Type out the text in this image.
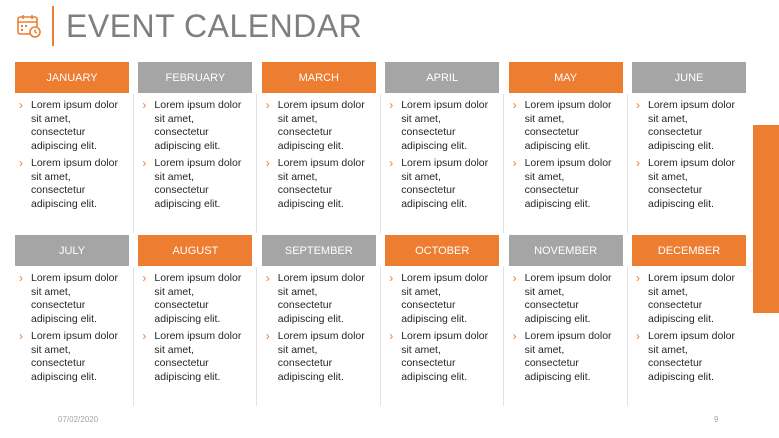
EVENT CALENDAR
JANUARY
› Lorem ipsum dolor sit amet, consectetur adipiscing elit.
› Lorem ipsum dolor sit amet, consectetur adipiscing elit.
FEBRUARY
› Lorem ipsum dolor sit amet, consectetur adipiscing elit.
› Lorem ipsum dolor sit amet, consectetur adipiscing elit.
MARCH
› Lorem ipsum dolor sit amet, consectetur adipiscing elit.
› Lorem ipsum dolor sit amet, consectetur adipiscing elit.
APRIL
› Lorem ipsum dolor sit amet, consectetur adipiscing elit.
› Lorem ipsum dolor sit amet, consectetur adipiscing elit.
MAY
› Lorem ipsum dolor sit amet, consectetur adipiscing elit.
› Lorem ipsum dolor sit amet, consectetur adipiscing elit.
JUNE
› Lorem ipsum dolor sit amet, consectetur adipiscing elit.
› Lorem ipsum dolor sit amet, consectetur adipiscing elit.
JULY
› Lorem ipsum dolor sit amet, consectetur adipiscing elit.
› Lorem ipsum dolor sit amet, consectetur adipiscing elit.
AUGUST
› Lorem ipsum dolor sit amet, consectetur adipiscing elit.
› Lorem ipsum dolor sit amet, consectetur adipiscing elit.
SEPTEMBER
› Lorem ipsum dolor sit amet, consectetur adipiscing elit.
› Lorem ipsum dolor sit amet, consectetur adipiscing elit.
OCTOBER
› Lorem ipsum dolor sit amet, consectetur adipiscing elit.
› Lorem ipsum dolor sit amet, consectetur adipiscing elit.
NOVEMBER
› Lorem ipsum dolor sit amet, consectetur adipiscing elit.
› Lorem ipsum dolor sit amet, consectetur adipiscing elit.
DECEMBER
› Lorem ipsum dolor sit amet, consectetur adipiscing elit.
› Lorem ipsum dolor sit amet, consectetur adipiscing elit.
07/02/2020	9
